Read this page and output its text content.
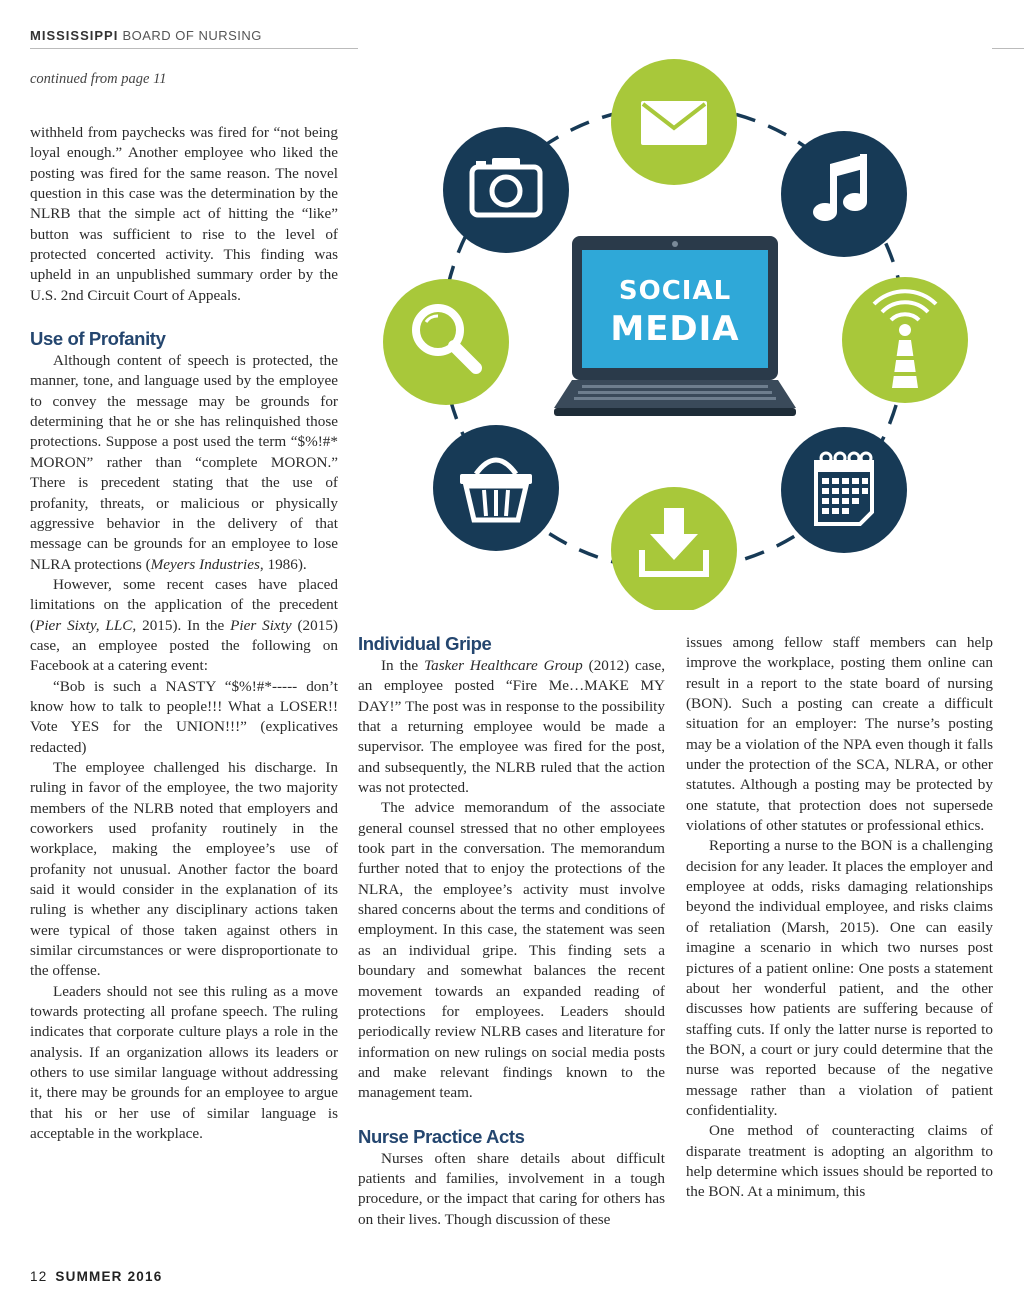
MISSISSIPPI BOARD OF NURSING
continued from page 11
SOCIAL
MEDIA

withheld from paychecks was fired for “not being loyal enough.” Another employee who liked the posting was fired for the same reason. The novel question in this case was the determination by the NLRB that the simple act of hitting the “like” button was sufficient to rise to the level of protected concerted activity. This finding was upheld in an unpublished summary order by the U.S. 2nd Circuit Court of Appeals.

Use of Profanity

Although content of speech is protected, the manner, tone, and language used by the employee to convey the message may be grounds for determining that he or she has relinquished those protections. Suppose a post used the term “$%!#* MORON” rather than “complete MORON.” There is precedent stating that the use of profanity, threats, or malicious or physically aggressive behavior in the delivery of that message can be grounds for an employee to lose NLRA protections (Meyers Industries, 1986).

However, some recent cases have placed limitations on the application of the precedent (Pier Sixty, LLC, 2015). In the Pier Sixty (2015) case, an employee posted the following on Facebook at a catering event:

“Bob is such a NASTY “$%!#*----- don’t know how to talk to people!!! What a LOSER!! Vote YES for the UNION!!!” (explicatives redacted)

The employee challenged his discharge. In ruling in favor of the employee, the two majority members of the NLRB noted that employers and coworkers used profanity routinely in the workplace, making the employee’s use of profanity not unusual. Another factor the board said it would consider in the explanation of its ruling is whether any disciplinary actions taken were typical of those taken against others in similar circumstances or were disproportionate to the offense.

Leaders should not see this ruling as a move towards protecting all profane speech. The ruling indicates that corporate culture plays a role in the analysis. If an organization allows its leaders or others to use similar language without addressing it, there may be grounds for an employee to argue that his or her use of similar language is acceptable in the workplace.

Individual Gripe

In the Tasker Healthcare Group (2012) case, an employee posted “Fire Me…MAKE MY DAY!” The post was in response to the possibility that a returning employee would be made a supervisor. The employee was fired for the post, and subsequently, the NLRB ruled that the action was not protected.

The advice memorandum of the associate general counsel stressed that no other employees took part in the conversation. The memorandum further noted that to enjoy the protections of the NLRA, the employee’s activity must involve shared concerns about the terms and conditions of employment. In this case, the statement was seen as an individual gripe. This finding sets a boundary and somewhat balances the recent movement towards an expanded reading of protections for employees. Leaders should periodically review NLRB cases and literature for information on new rulings on social media posts and make relevant findings known to the management team.

Nurse Practice Acts

Nurses often share details about difficult patients and families, involvement in a tough procedure, or the impact that caring for others has on their lives. Though discussion of these

issues among fellow staff members can help improve the workplace, posting them online can result in a report to the state board of nursing (BON). Such a posting can create a difficult situation for an employer: The nurse’s posting may be a violation of the NPA even though it falls under the protection of the SCA, NLRA, or other statutes. Although a posting may be protected by one statute, that protection does not supersede violations of other statutes or professional ethics.

Reporting a nurse to the BON is a challenging decision for any leader. It places the employer and employee at odds, risks damaging relationships beyond the individual employee, and risks claims of retaliation (Marsh, 2015). One can easily imagine a scenario in which two nurses post pictures of a patient online: One posts a statement about her wonderful patient, and the other discusses how patients are suffering because of staffing cuts. If only the latter nurse is reported to the BON, a court or jury could determine that the nurse was reported because of the negative message rather than a violation of patient confidentiality.

One method of counteracting claims of disparate treatment is adopting an algorithm to help determine which issues should be reported to the BON. At a minimum, this

12 SUMMER 2016
